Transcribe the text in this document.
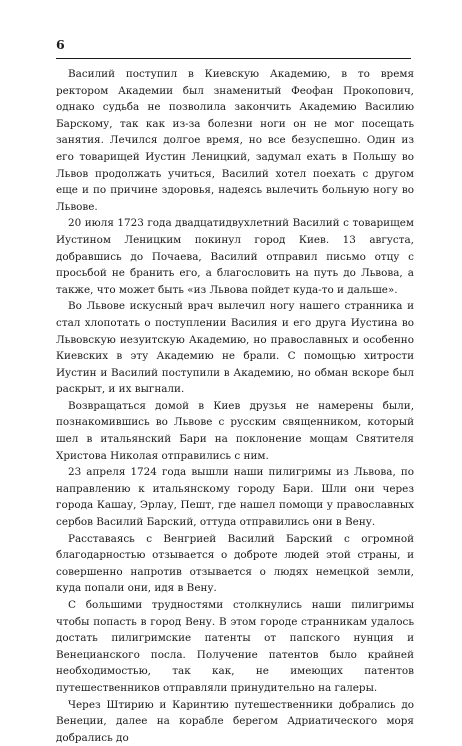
6

Василий поступил в Киевскую Академию, в то время ректором Академии был знаменитый Феофан Прокопович, однако судьба не позволила закончить Академию Василию Барскому, так как из-за болезни ноги он не мог посещать занятия. Лечился долгое время, но все безуспешно. Один из его товарищей Иустин Леницкий, задумал ехать в Польшу во Львов продолжать учиться, Василий хотел поехать с другом еще и по причине здоровья, надеясь вылечить больную ногу во Львове.

20 июля 1723 года двадцатидвухлетний Василий с товарищем Иустином Леницким покинул город Киев. 13 августа, добравшись до Почаева, Василий отправил письмо отцу с просьбой не бранить его, а благословить на путь до Львова, а также, что может быть «из Львова пойдет куда-то и дальше».

Во Львове искусный врач вылечил ногу нашего странника и стал хлопотать о поступлении Василия и его друга Иустина во Львовскую иезуитскую Академию, но православных и особенно Киевских в эту Академию не брали. С помощью хитрости Иустин и Василий поступили в Академию, но обман вскоре был раскрыт, и их выгнали.

Возвращаться домой в Киев друзья не намерены были, познакомившись во Львове с русским священником, который шел в итальянский Бари на поклонение мощам Святителя Христова Николая отправились с ним.

23 апреля 1724 года вышли наши пилигримы из Львова, по направлению к итальянскому городу Бари. Шли они через города Кашау, Эрлау, Пешт, где нашел помощи у православных сербов Василий Барский, оттуда отправились они в Вену.

Расставаясь с Венгрией Василий Барский с огромной благодарностью отзывается о доброте людей этой страны, и совершенно напротив отзывается о людях немецкой земли, куда попали они, идя в Вену.

С большими трудностями столкнулись наши пилигримы чтобы попасть в город Вену. В этом городе странникам удалось достать пилигримские патенты от папского нунция и Венецианского посла. Получение патентов было крайней необходимостью, так как, не имеющих патентов путешественников отправляли принудительно на галеры.

Через Штирию и Каринтию путешественники добрались до Венеции, далее на корабле берегом Адриатического моря добрались до
